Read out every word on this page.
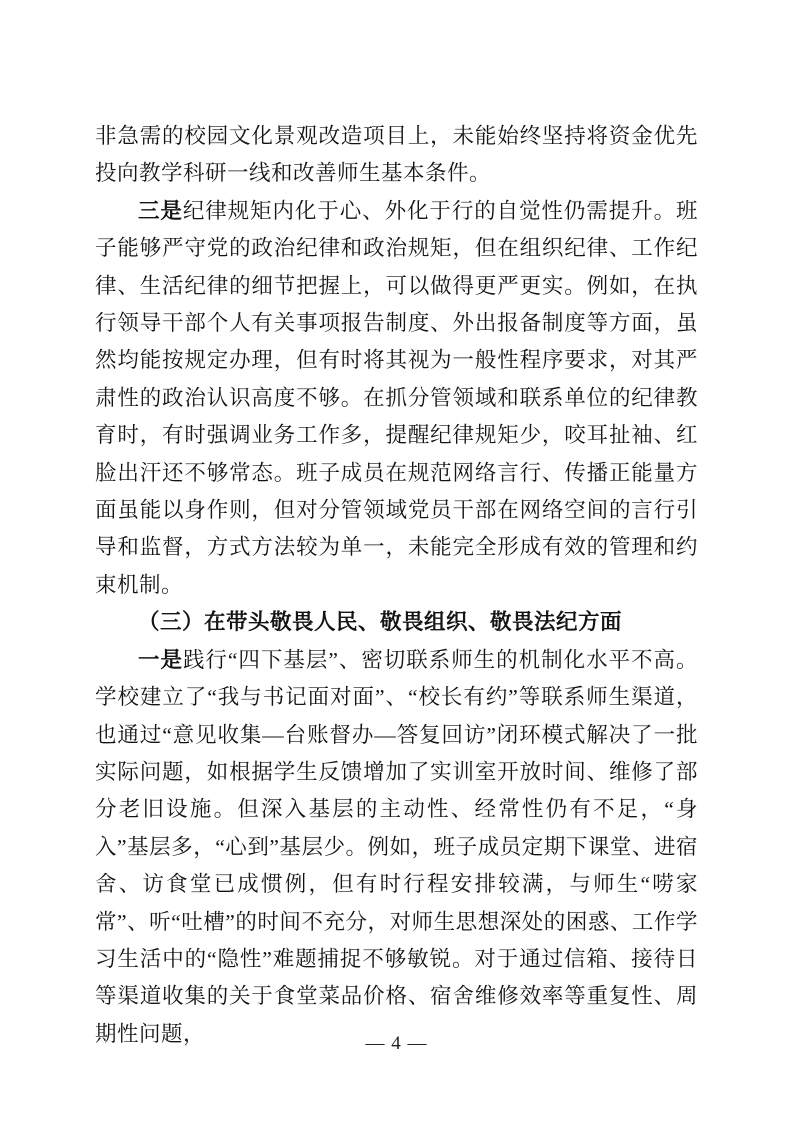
非急需的校园文化景观改造项目上，未能始终坚持将资金优先投向教学科研一线和改善师生基本条件。

三是纪律规矩内化于心、外化于行的自觉性仍需提升。班子能够严守党的政治纪律和政治规矩，但在组织纪律、工作纪律、生活纪律的细节把握上，可以做得更严更实。例如，在执行领导干部个人有关事项报告制度、外出报备制度等方面，虽然均能按规定办理，但有时将其视为一般性程序要求，对其严肃性的政治认识高度不够。在抓分管领域和联系单位的纪律教育时，有时强调业务工作多，提醒纪律规矩少，咬耳扯袖、红脸出汗还不够常态。班子成员在规范网络言行、传播正能量方面虽能以身作则，但对分管领域党员干部在网络空间的言行引导和监督，方式方法较为单一，未能完全形成有效的管理和约束机制。

（三）在带头敬畏人民、敬畏组织、敬畏法纪方面

一是践行“四下基层”、密切联系师生的机制化水平不高。学校建立了“我与书记面对面”、“校长有约”等联系师生渠道，也通过“意见收集—台账督办—答复回访”闭环模式解决了一批实际问题，如根据学生反馈增加了实训室开放时间、维修了部分老旧设施。但深入基层的主动性、经常性仍有不足，“身入”基层多，“心到”基层少。例如，班子成员定期下课堂、进宿舍、访食堂已成惯例，但有时行程安排较满，与师生“唠家常”、听“吐槽”的时间不充分，对师生思想深处的困惑、工作学习生活中的“隐性”难题捕捉不够敏锐。对于通过信箱、接待日等渠道收集的关于食堂菜品价格、宿舍维修效率等重复性、周期性问题，	— 4 —
